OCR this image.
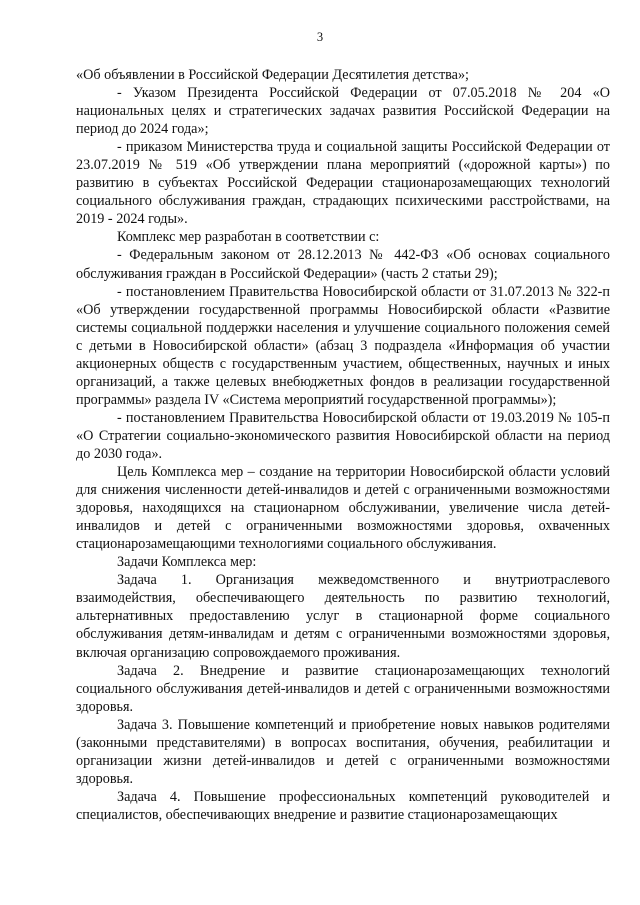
3

«Об объявлении в Российской Федерации Десятилетия детства»;

- Указом Президента Российской Федерации от 07.05.2018 № 204 «О национальных целях и стратегических задачах развития Российской Федерации на период до 2024 года»;

- приказом Министерства труда и социальной защиты Российской Федерации от 23.07.2019 № 519 «Об утверждении плана мероприятий («дорожной карты») по развитию в субъектах Российской Федерации стационарозамещающих технологий социального обслуживания граждан, страдающих психическими расстройствами, на 2019 - 2024 годы».

Комплекс мер разработан в соответствии с:

- Федеральным законом от 28.12.2013 № 442-ФЗ «Об основах социального обслуживания граждан в Российской Федерации» (часть 2 статьи 29);

- постановлением Правительства Новосибирской области от 31.07.2013 № 322-п «Об утверждении государственной программы Новосибирской области «Развитие системы социальной поддержки населения и улучшение социального положения семей с детьми в Новосибирской области» (абзац 3 подраздела «Информация об участии акционерных обществ с государственным участием, общественных, научных и иных организаций, а также целевых внебюджетных фондов в реализации государственной программы» раздела IV «Система мероприятий государственной программы»);

- постановлением Правительства Новосибирской области от 19.03.2019 № 105-п «О Стратегии социально-экономического развития Новосибирской области на период до 2030 года».

Цель Комплекса мер – создание на территории Новосибирской области условий для снижения численности детей-инвалидов и детей с ограниченными возможностями здоровья, находящихся на стационарном обслуживании, увеличение числа детей-инвалидов и детей с ограниченными возможностями здоровья, охваченных стационарозамещающими технологиями социального обслуживания.

Задачи Комплекса мер:

Задача 1. Организация межведомственного и внутриотраслевого взаимодействия, обеспечивающего деятельность по развитию технологий, альтернативных предоставлению услуг в стационарной форме социального обслуживания детям-инвалидам и детям с ограниченными возможностями здоровья, включая организацию сопровождаемого проживания.

Задача 2. Внедрение и развитие стационарозамещающих технологий социального обслуживания детей-инвалидов и детей с ограниченными возможностями здоровья.

Задача 3. Повышение компетенций и приобретение новых навыков родителями (законными представителями) в вопросах воспитания, обучения, реабилитации и организации жизни детей-инвалидов и детей с ограниченными возможностями здоровья.

Задача 4. Повышение профессиональных компетенций руководителей и специалистов, обеспечивающих внедрение и развитие стационарозамещающих
